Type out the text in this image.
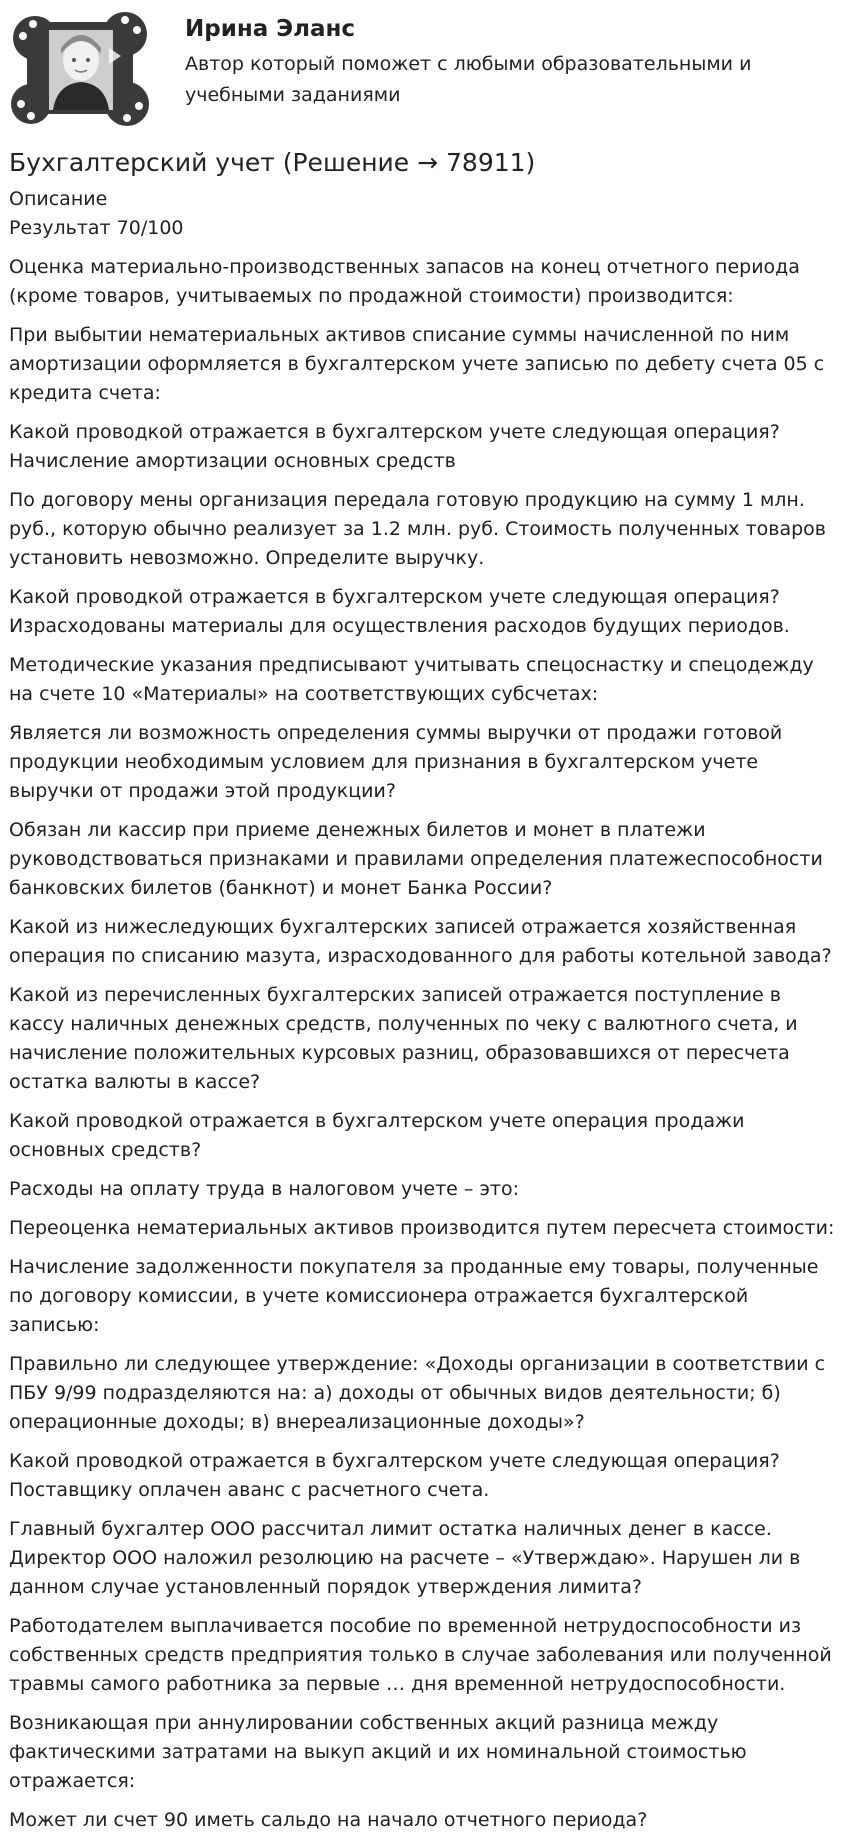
Ирина Эланс
Автор который поможет с любыми образовательными и учебными заданиями
Бухгалтерский учет (Решение → 78911)
Описание
Результат 70/100

Оценка материально-производственных запасов на конец отчетного периода (кроме товаров, учитываемых по продажной стоимости) производится:

При выбытии нематериальных активов списание суммы начисленной по ним амортизации оформляется в бухгалтерском учете записью по дебету счета 05 с кредита счета:

Какой проводкой отражается в бухгалтерском учете следующая операция? Начисление амортизации основных средств

По договору мены организация передала готовую продукцию на сумму 1 млн. руб., которую обычно реализует за 1.2 млн. руб. Стоимость полученных товаров установить невозможно. Определите выручку.

Какой проводкой отражается в бухгалтерском учете следующая операция? Израсходованы материалы для осуществления расходов будущих периодов.

Методические указания предписывают учитывать спецоснастку и спецодежду на счете 10 «Материалы» на соответствующих субсчетах:

Является ли возможность определения суммы выручки от продажи готовой продукции необходимым условием для признания в бухгалтерском учете выручки от продажи этой продукции?

Обязан ли кассир при приеме денежных билетов и монет в платежи руководствоваться признаками и правилами определения платежеспособности банковских билетов (банкнот) и монет Банка России?

Какой из нижеследующих бухгалтерских записей отражается хозяйственная операция по списанию мазута, израсходованного для работы котельной завода?

Какой из перечисленных бухгалтерских записей отражается поступление в кассу наличных денежных средств, полученных по чеку с валютного счета, и начисление положительных курсовых разниц, образовавшихся от пересчета остатка валюты в кассе?

Какой проводкой отражается в бухгалтерском учете операция продажи основных средств?

Расходы на оплату труда в налоговом учете – это:

Переоценка нематериальных активов производится путем пересчета стоимости:

Начисление задолженности покупателя за проданные ему товары, полученные по договору комиссии, в учете комиссионера отражается бухгалтерской записью:

Правильно ли следующее утверждение: «Доходы организации в соответствии с ПБУ 9/99 подразделяются на: а) доходы от обычных видов деятельности; б) операционные доходы; в) внереализационные доходы»?

Какой проводкой отражается в бухгалтерском учете следующая операция? Поставщику оплачен аванс с расчетного счета.

Главный бухгалтер ООО рассчитал лимит остатка наличных денег в кассе. Директор ООО наложил резолюцию на расчете – «Утверждаю». Нарушен ли в данном случае установленный порядок утверждения лимита?

Работодателем выплачивается пособие по временной нетрудоспособности из собственных средств предприятия только в случае заболевания или полученной травмы самого работника за первые … дня временной нетрудоспособности.

Возникающая при аннулировании собственных акций разница между фактическими затратами на выкуп акций и их номинальной стоимостью отражается:

Может ли счет 90 иметь сальдо на начало отчетного периода?
